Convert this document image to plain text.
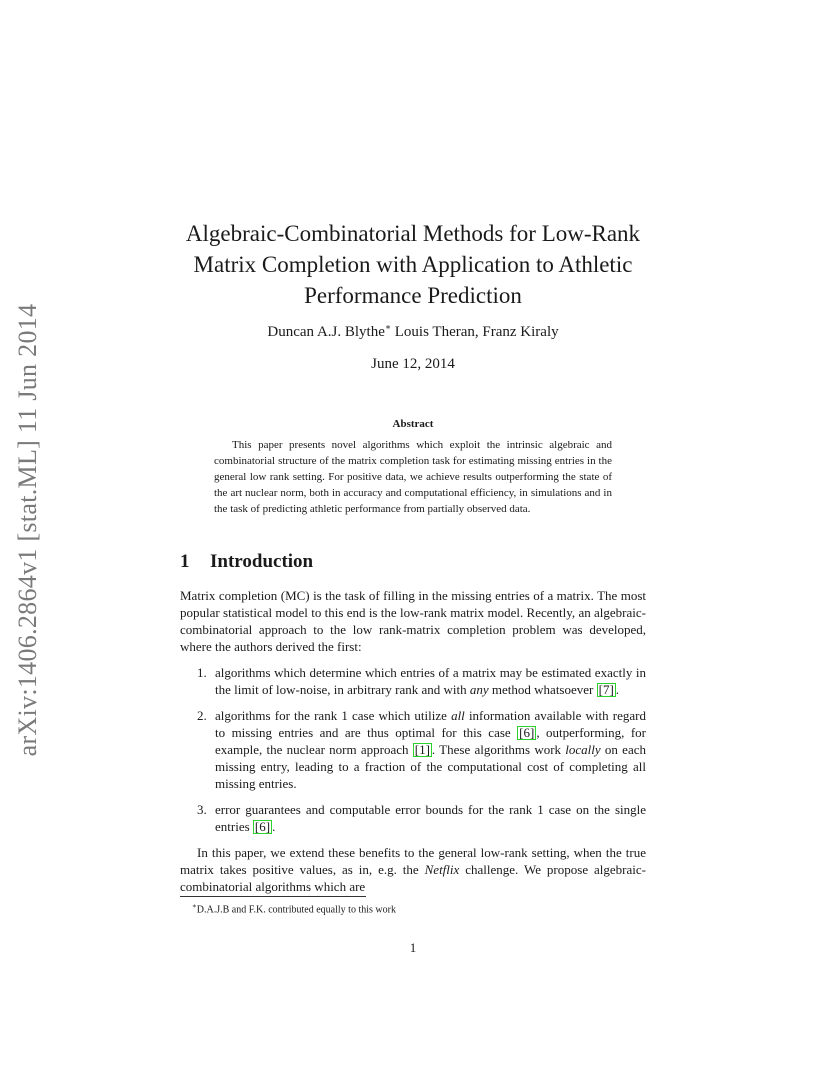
arXiv:1406.2864v1 [stat.ML] 11 Jun 2014
Algebraic-Combinatorial Methods for Low-Rank
Matrix Completion with Application to Athletic
Performance Prediction
Duncan A.J. Blythe∗ Louis Theran, Franz Kiraly
June 12, 2014
Abstract
This paper presents novel algorithms which exploit the intrinsic algebraic and combinatorial structure of the matrix completion task for estimating missing entries in the general low rank setting. For positive data, we achieve results outperforming the state of the art nuclear norm, both in accuracy and computational efficiency, in simulations and in the task of predicting athletic performance from partially observed data.
1 Introduction
Matrix completion (MC) is the task of filling in the missing entries of a matrix. The most popular statistical model to this end is the low-rank matrix model. Recently, an algebraic-combinatorial approach to the low rank-matrix completion problem was developed, where the authors derived the first:
1. algorithms which determine which entries of a matrix may be estimated exactly in the limit of low-noise, in arbitrary rank and with any method whatsoever [7] .
2. algorithms for the rank 1 case which utilize all information available with regard to missing entries and are thus optimal for this case [6] , outperforming, for example, the nuclear norm approach [1] . These algorithms work locally on each missing entry, leading to a fraction of the computational cost of completing all missing entries.
3. error guarantees and computable error bounds for the rank 1 case on the single entries [6] .
In this paper, we extend these benefits to the general low-rank setting, when the true matrix takes positive values, as in, e.g. the Netflix challenge. We propose algebraic-combinatorial algorithms which are
∗D.A.J.B and F.K. contributed equally to this work
1
